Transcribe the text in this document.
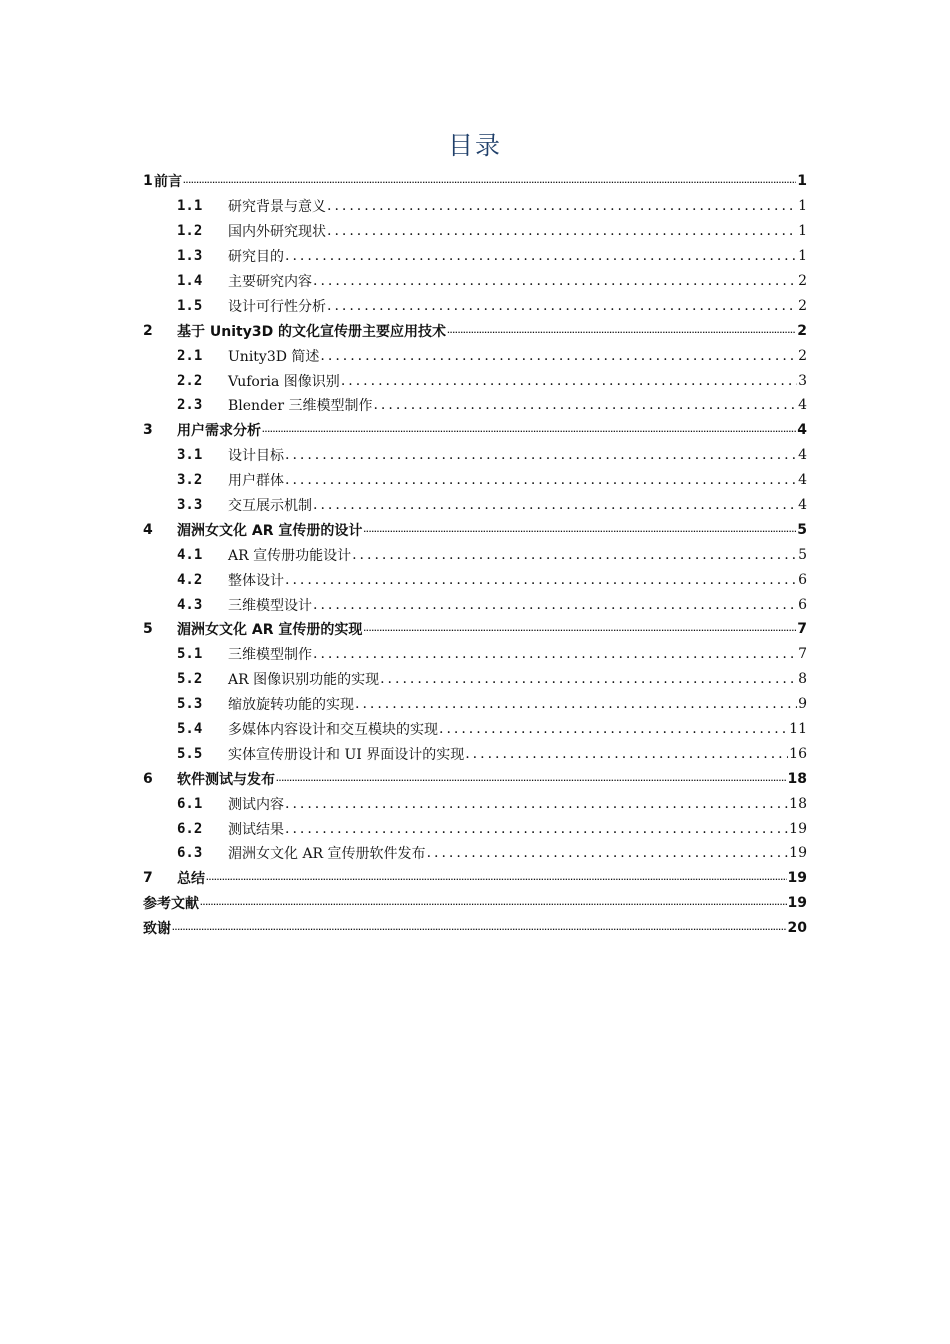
目录
1 前言 .....	1
1.1	研究背景与意义 .....	1
1.2	国内外研究现状 .....	1
1.3	研究目的 .....	1
1.4	主要研究内容 .....	2
1.5	设计可行性分析 .....	2
2	基于 Unity3D 的文化宣传册主要应用技术 .....	2
2.1	Unity3D 简述 .....	2
2.2	Vuforia 图像识别 .....	3
2.3	Blender 三维模型制作 .....	4
3	用户需求分析 .....	4
3.1	设计目标 .....	4
3.2	用户群体 .....	4
3.3	交互展示机制 .....	4
4	湄洲女文化 AR 宣传册的设计 .....	5
4.1	AR 宣传册功能设计 .....	5
4.2	整体设计 .....	6
4.3	三维模型设计 .....	6
5	湄洲女文化 AR 宣传册的实现 .....	7
5.1	三维模型制作 .....	7
5.2	AR 图像识别功能的实现 .....	8
5.3	缩放旋转功能的实现 .....	9
5.4	多媒体内容设计和交互模块的实现 .....	11
5.5	实体宣传册设计和 UI 界面设计的实现 .....	16
6	软件测试与发布 .....	18
6.1	测试内容 .....	18
6.2	测试结果 .....	19
6.3	湄洲女文化 AR 宣传册软件发布 .....	19
7	总结 .....	19
参考文献 .....	19
致谢 .....	20
